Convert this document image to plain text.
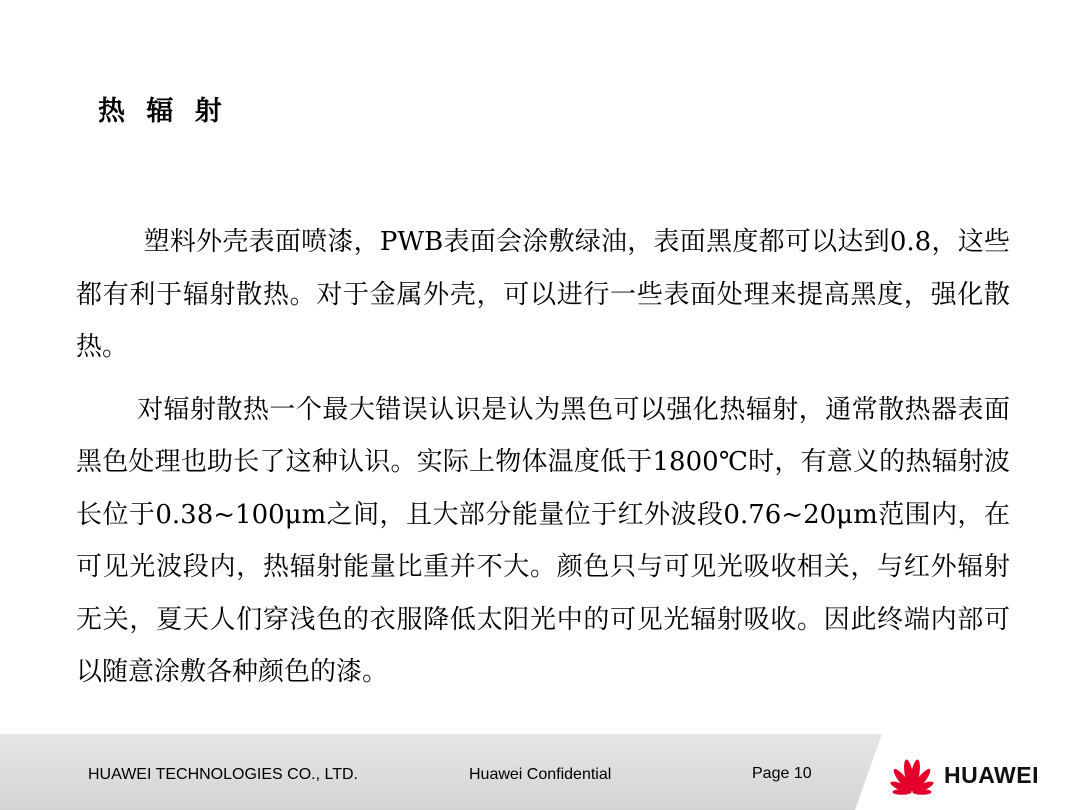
热 辐 射

塑料外壳表面喷漆，PWB表面会涂敷绿油，表面黑度都可以达到0.8，这些都有利于辐射散热。对于金属外壳，可以进行一些表面处理来提高黑度，强化散热。

对辐射散热一个最大错误认识是认为黑色可以强化热辐射，通常散热器表面黑色处理也助长了这种认识。实际上物体温度低于1800℃时，有意义的热辐射波长位于0.38~100μm之间，且大部分能量位于红外波段0.76~20μm范围内，在可见光波段内，热辐射能量比重并不大。颜色只与可见光吸收相关，与红外辐射无关，夏天人们穿浅色的衣服降低太阳光中的可见光辐射吸收。因此终端内部可以随意涂敷各种颜色的漆。

HUAWEI TECHNOLOGIES CO., LTD.	Huawei Confidential	Page 10	HUAWEI
